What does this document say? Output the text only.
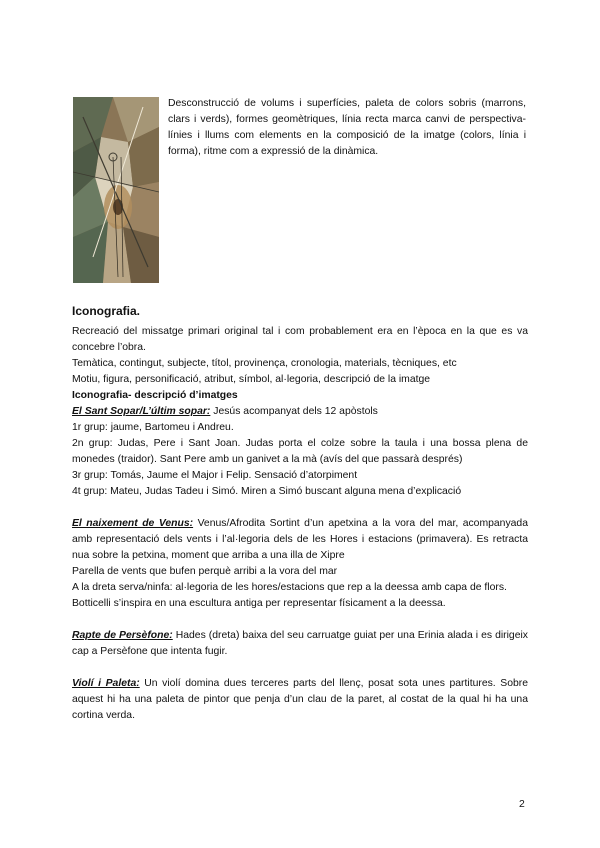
Desconstrucció de volums i superfícies, paleta de colors sobris (marrons, clars i verds), formes geomètriques, línia recta marca canvi de perspectiva-línies i llums com elements en la composició de la imatge (colors, línia i forma), ritme com a expressió de la dinàmica.

Iconografia.

Recreació del missatge primari original tal i com probablement era en l’època en la que es va concebre l’obra.

Temàtica, contingut, subjecte, títol, provinença, cronologia, materials, tècniques, etc

Motiu, figura, personificació, atribut, símbol, al·legoria, descripció de la imatge

Iconografia- descripció d’imatges

El Sant Sopar/L’últim sopar: Jesús acompanyat dels 12 apòstols

1r grup: jaume, Bartomeu i Andreu.

2n grup: Judas, Pere i Sant Joan. Judas porta el colze sobre la taula i una bossa plena de monedes (traidor). Sant Pere amb un ganivet a la mà (avís del que passarà després)

3r grup: Tomás, Jaume el Major i Felip. Sensació d’atorpiment

4t grup: Mateu, Judas Tadeu i Simó. Miren a Simó buscant alguna mena d’explicació

El naixement de Venus: Venus/Afrodita Sortint d’un apetxina a la vora del mar, acompanyada amb representació dels vents i l’al·legoria dels de les Hores i estacions (primavera). Es retracta nua sobre la petxina, moment que arriba a una illa de Xipre

Parella de vents que bufen perquè arribi a la vora del mar

A la dreta serva/ninfa: al·legoria de les hores/estacions que rep a la deessa amb capa de flors.

Botticelli s’inspira en una escultura antiga per representar físicament a la deessa.

Rapte de Persèfone: Hades (dreta) baixa del seu carruatge guiat per una Erinia alada i es dirigeix cap a Persèfone que intenta fugir.

Violí i Paleta: Un violí domina dues terceres parts del llenç, posat sota unes partitures. Sobre aquest hi ha una paleta de pintor que penja d’un clau de la paret, al costat de la qual hi ha una cortina verda.

2
